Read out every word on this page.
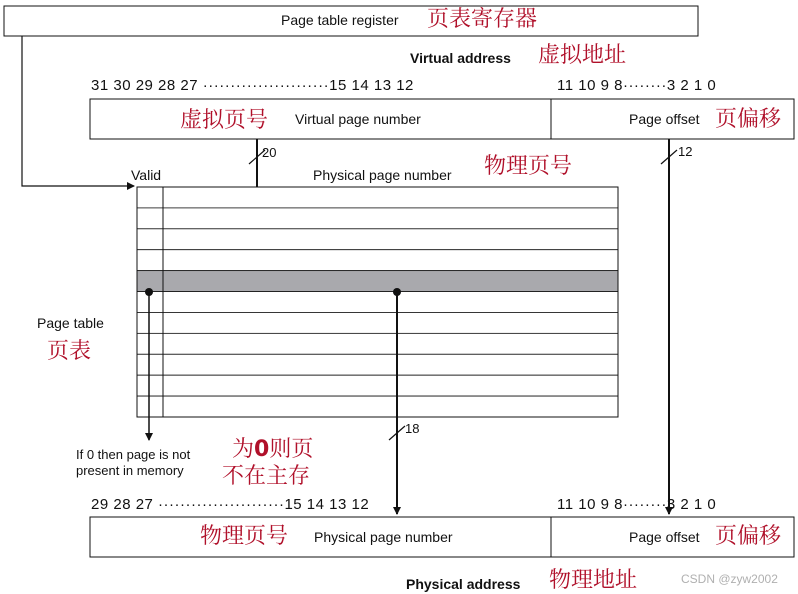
Page table register 页表寄存器
Virtual address 虚拟地址
31 30 29 28 27 ·······················15 14 13 12	11 10 9 8········3 2 1 0
虚拟页号 Virtual page number	Page offset 页偏移
20	12
Valid	Physical page number 物理页号
Page table
页表
If 0 then page is not
present in memory
为0则页
不在主存
18
29 28 27 ·······················15 14 13 12	11 10 9 8········3 2 1 0
物理页号 Physical page number	Page offset 页偏移
Physical address 物理地址	CSDN @zyw2002
